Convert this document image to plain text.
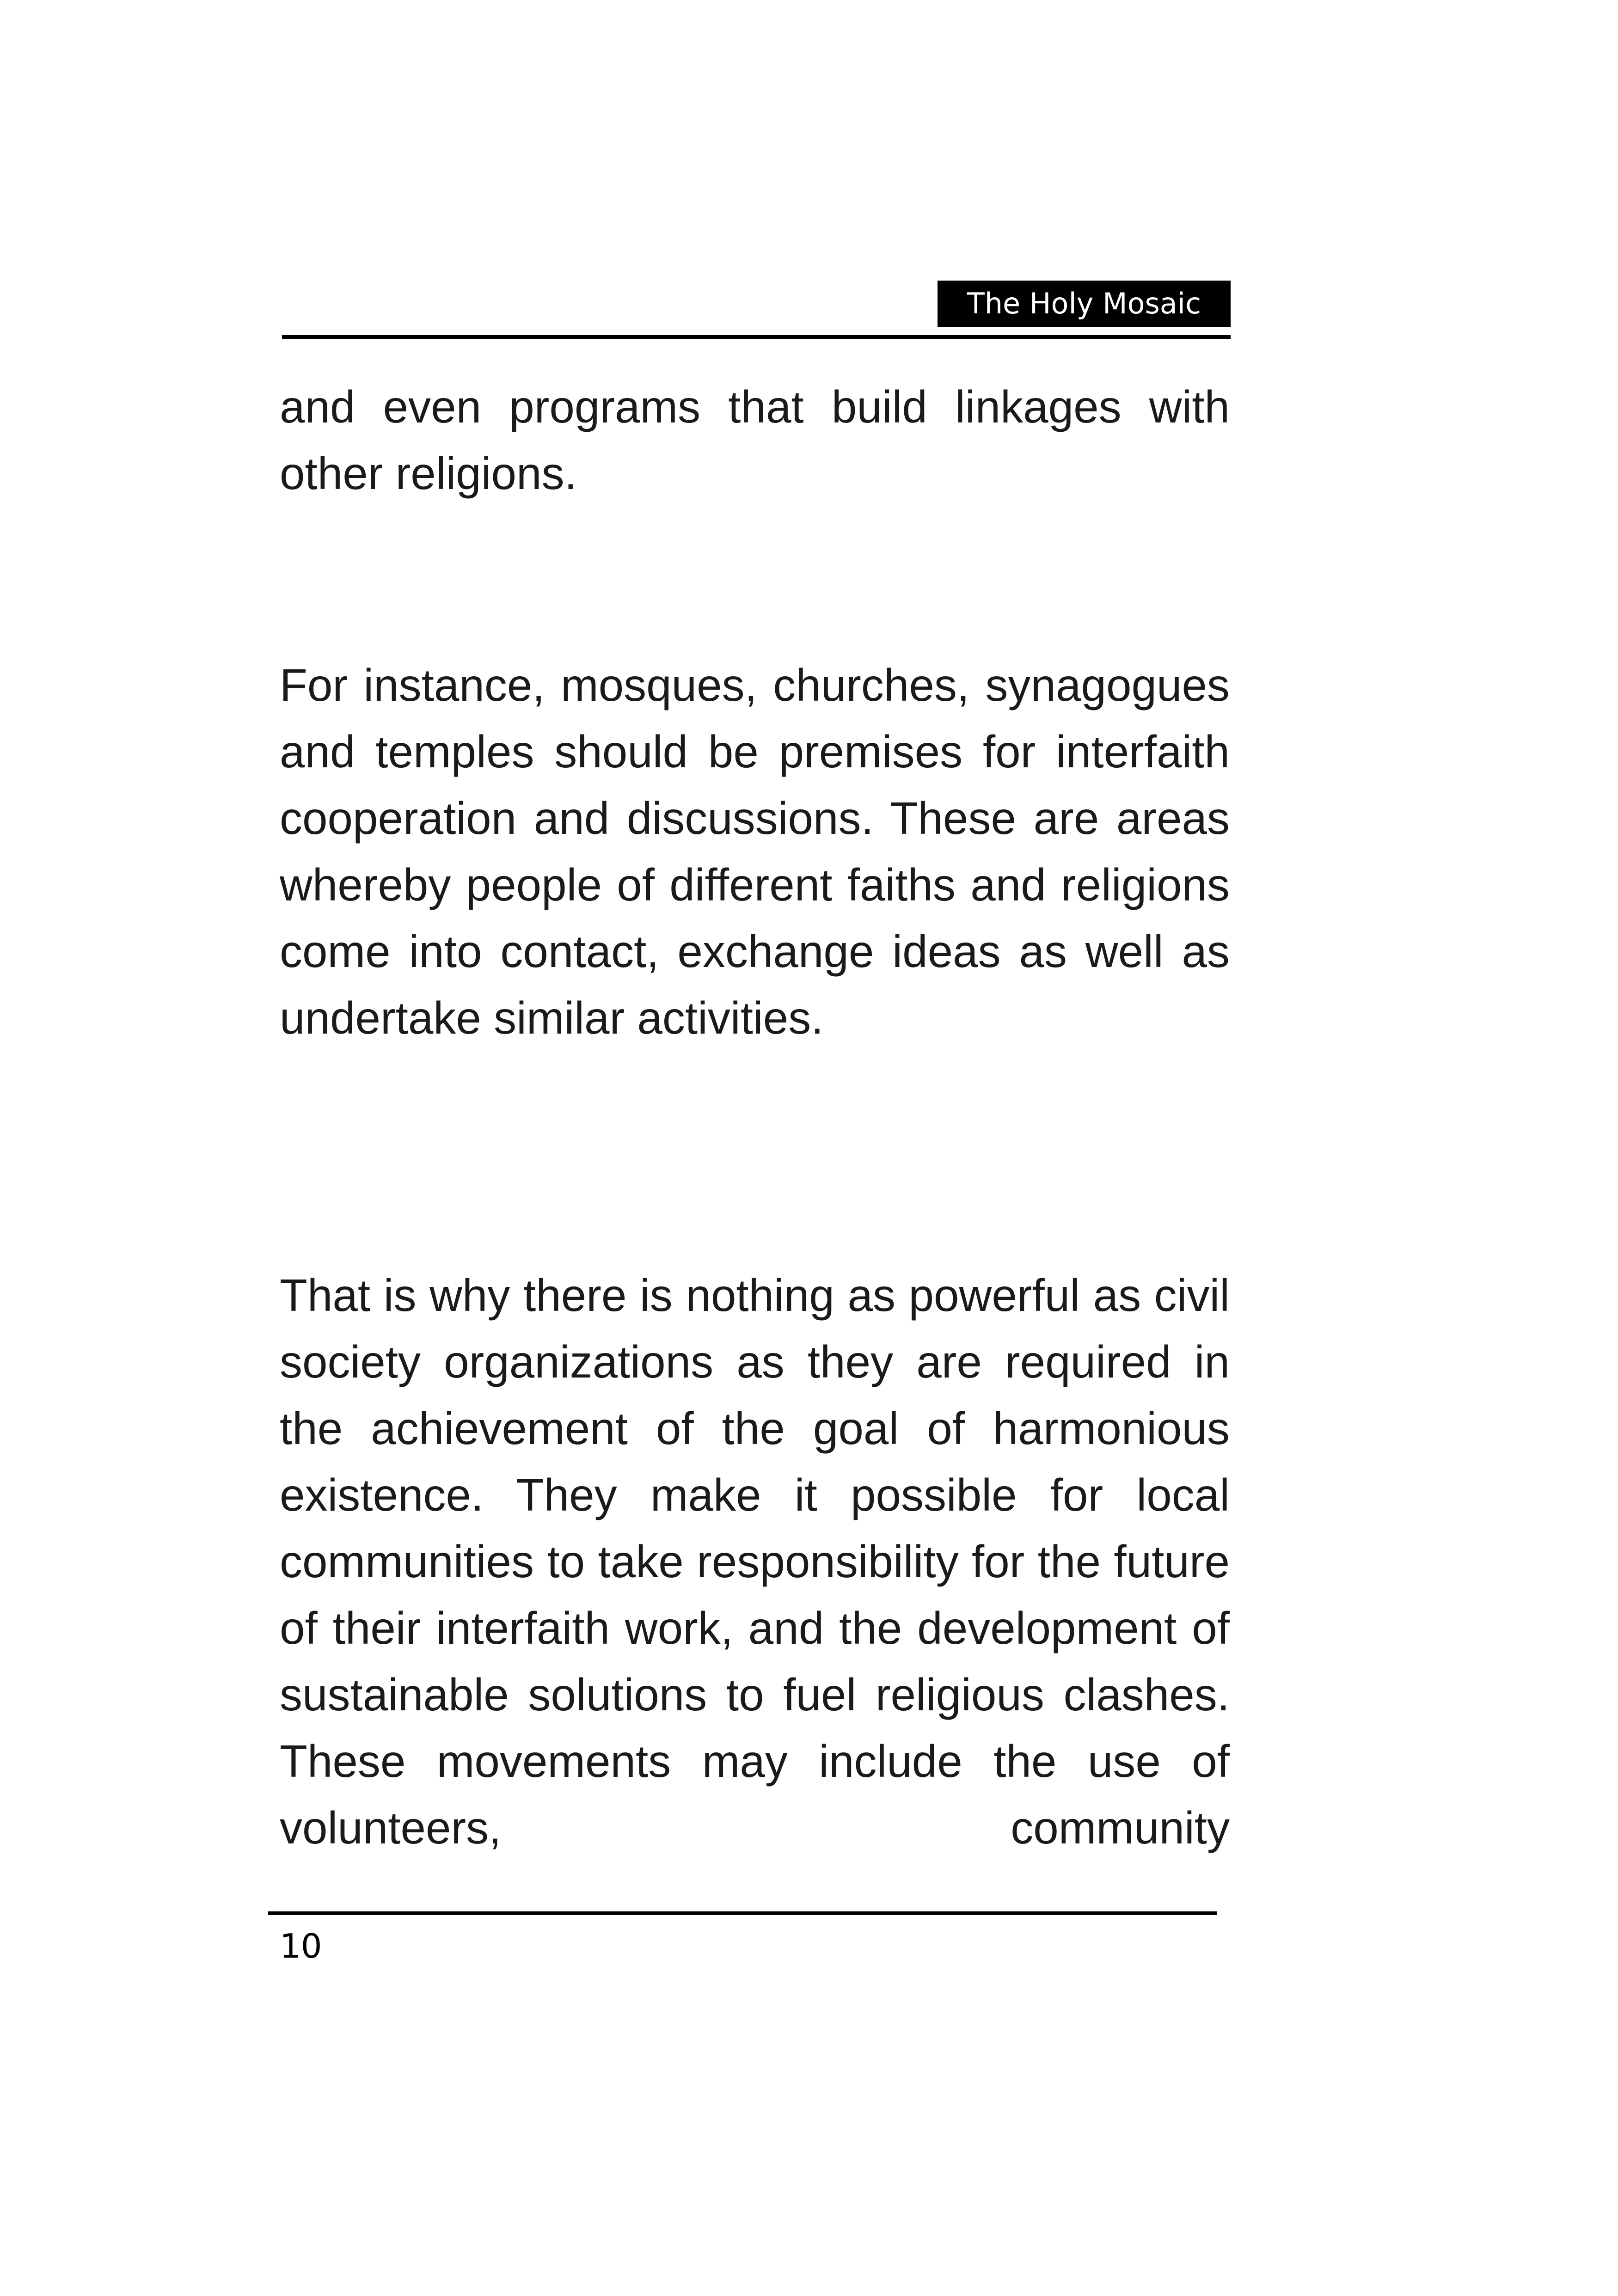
The Holy Mosaic

and even programs that build linkages with other religions.

For instance, mosques, churches, synagogues and temples should be premises for interfaith cooperation and discussions. These are areas whereby people of different faiths and religions come into contact, exchange ideas as well as undertake similar activities.

That is why there is nothing as powerful as civil society organizations as they are required in the achievement of the goal of harmonious existence. They make it possible for local communities to take responsibility for the future of their interfaith work, and the development of sustainable solutions to fuel religious clashes. These movements may include the use of volunteers, community

10
